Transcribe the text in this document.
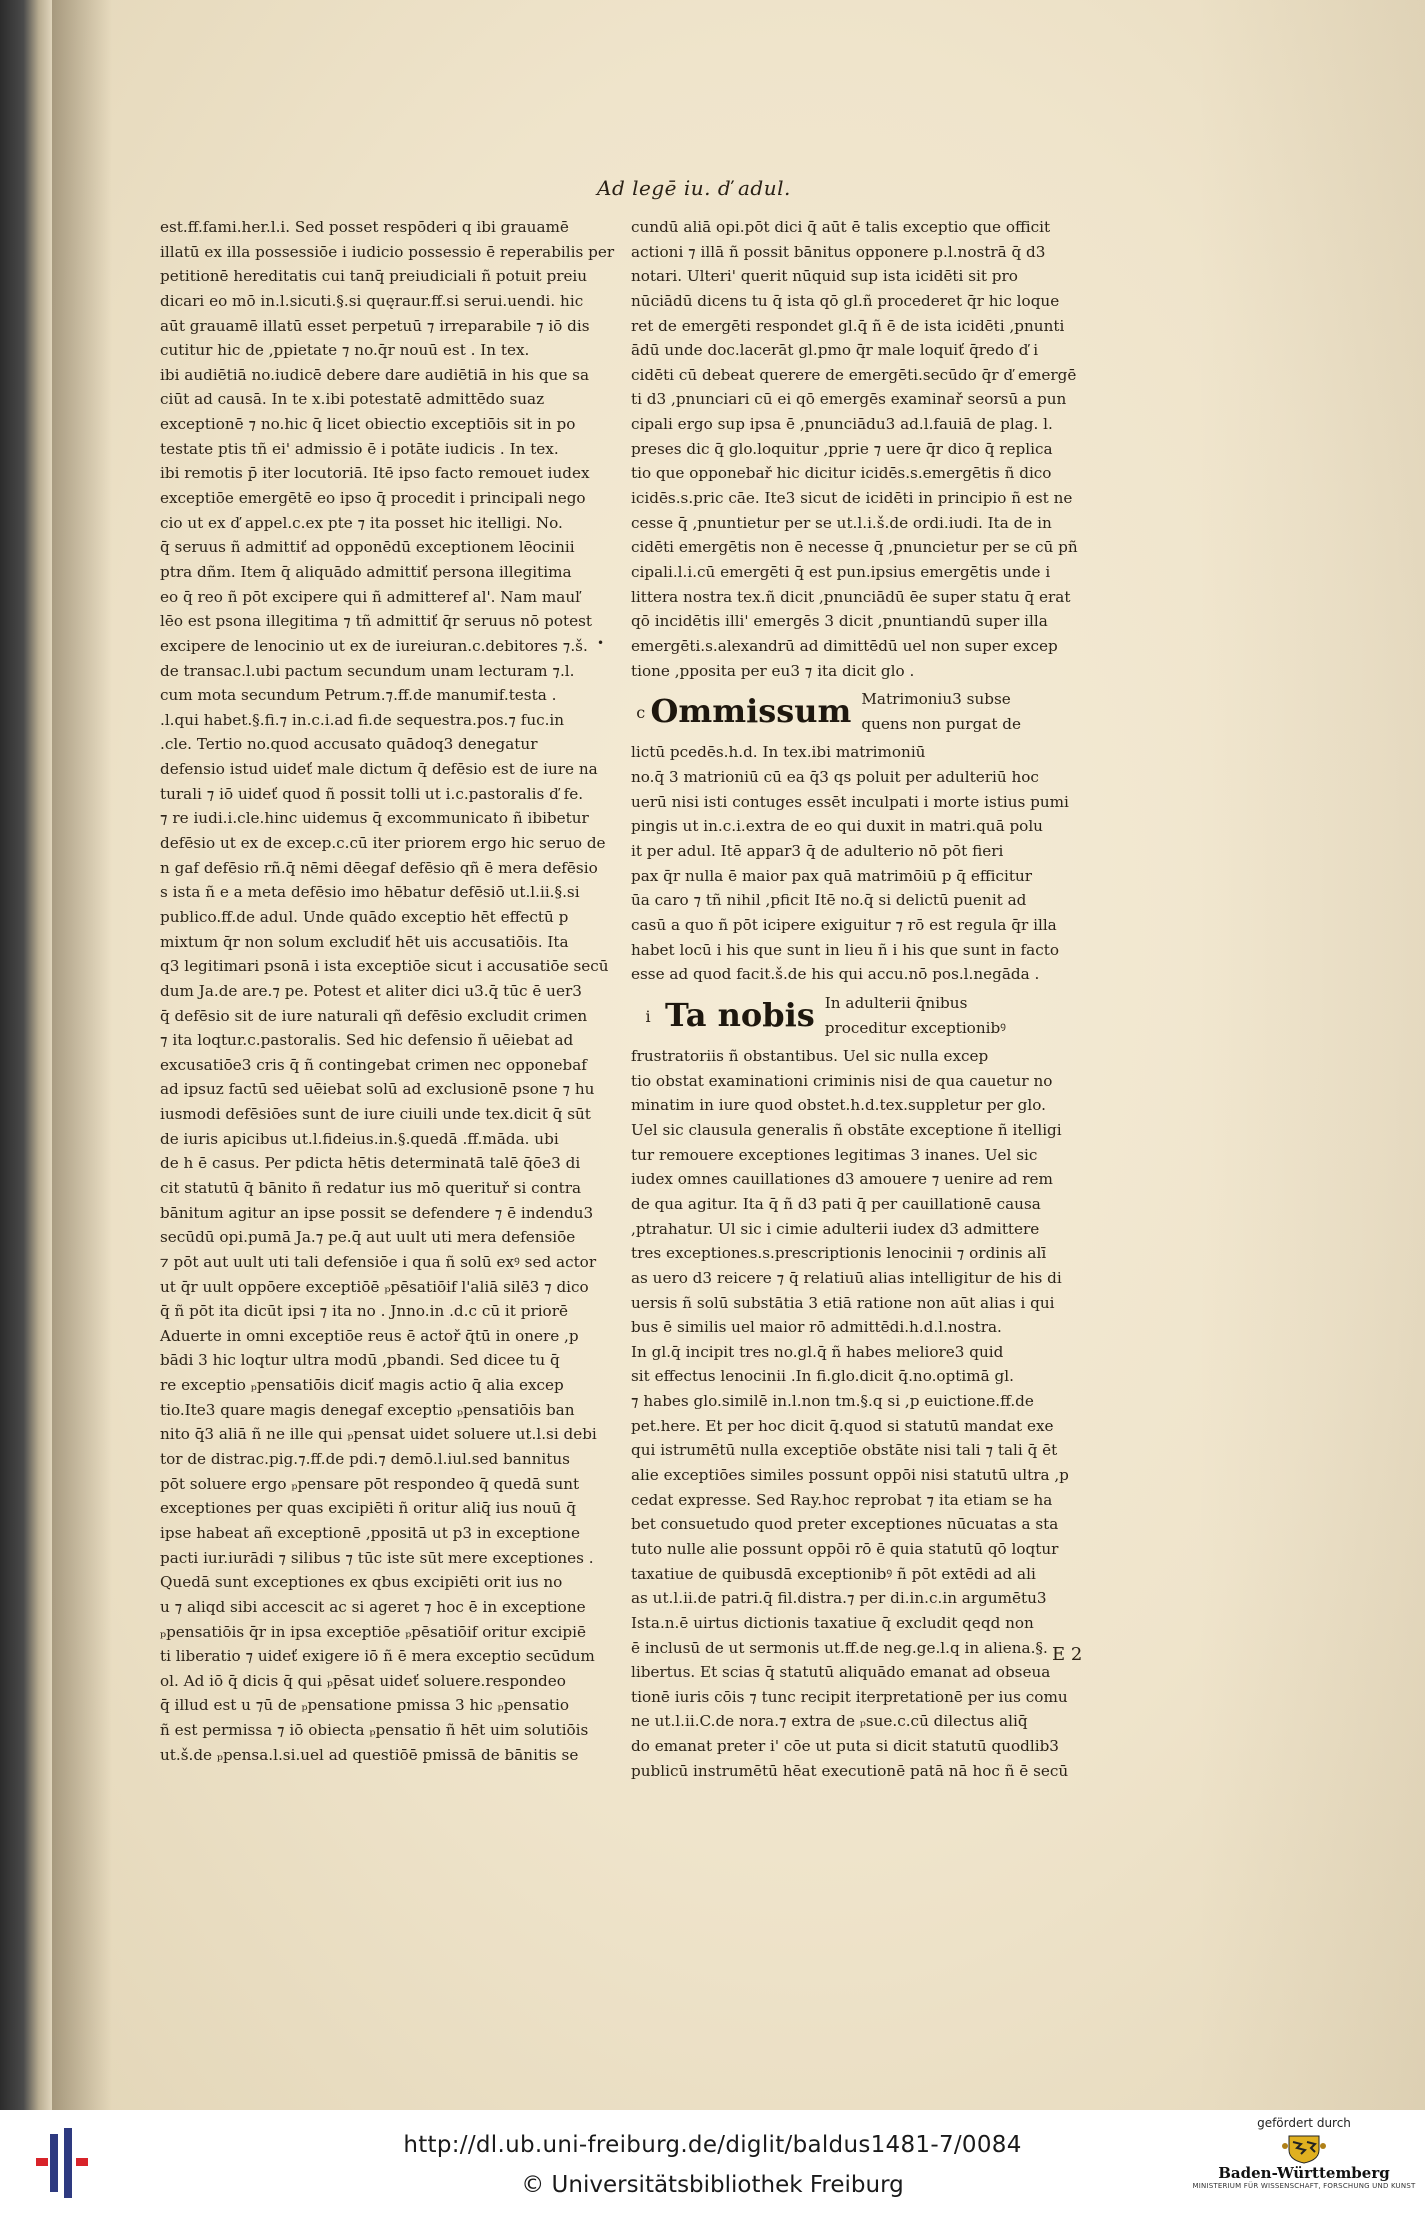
Ad legē iu. ď adul.
est.ff.fami.her.l.i. Sed posset respōderi q ibi grauamē
illatū ex illa possessiōe i iudicio possessio ē reperabilis per
petitionē hereditatis cui tanq̄ preiudiciali ñ potuit preiu
dicari eo mō in.l.sicuti.§.si quęraur.ff.si serui.uendi. hic
aūt grauamē illatū esset perpetuū ⁊ irreparabile ⁊ iō dis
cutitur hic de ,ppietate ⁊ no.q̄r nouū est . In tex.
ibi audiētiā no.iudicē debere dare audiētiā in his que sa
ciūt ad causā. In te x.ibi potestatē admittēdo suaz
exceptionē ⁊ no.hic q̄ licet obiectio exceptiōis sit in po
testate ptis tñ ei' admissio ē i potāte iudicis . In tex.
ibi remotis p̄ iter locutoriā. Itē ipso facto remouet iudex
exceptiōe emergētē eo ipso q̄ procedit i principali nego
cio ut ex ď appel.c.ex pte ⁊ ita posset hic itelligi. No.
q̄ seruus ñ admittiť ad opponēdū exceptionem lēocinii
ptra dñm. Item q̄ aliquādo admittiť persona illegitima
eo q̄ reo ñ pōt excipere qui ñ admitteref al'. Nam mauľ
lēo est psona illegitima ⁊ tñ admittiť q̄r seruus nō potest
excipere de lenocinio ut ex de iureiuran.c.debitores ⁊.š.
de transac.l.ubi pactum secundum unam lecturam ⁊.l.
cum mota secundum Petrum.⁊.ff.de manumif.testa .
.l.qui habet.§.fi.⁊ in.c.i.ad fi.de sequestra.pos.⁊ fuc.in
.cle. Tertio no.quod accusato quādoq3 denegatur
defensio istud uideť male dictum q̄ defēsio est de iure na
turali ⁊ iō uideť quod ñ possit tolli ut i.c.pastoralis ď fe.
⁊ re iudi.i.cle.hinc uidemus q̄ excommunicato ñ ibibetur
defēsio ut ex de excep.c.cū iter priorem ergo hic seruo de
n gaf defēsio rñ.q̄ nēmi dēegaf defēsio qñ ē mera defēsio
s ista ñ e a meta defēsio imo hēbatur defēsiō ut.l.ii.§.si
publico.ff.de adul. Unde quādo exceptio hēt effectū p
mixtum q̄r non solum excludiť hēt uis accusatiōis. Ita
q3 legitimari psonā i ista exceptiōe sicut i accusatiōe secū
dum Ja.de are.⁊ pe. Potest et aliter dici u3.q̄ tūc ē uer3
q̄ defēsio sit de iure naturali qñ defēsio excludit crimen
⁊ ita loqtur.c.pastoralis. Sed hic defensio ñ uēiebat ad
excusatiōe3 cris q̄ ñ contingebat crimen nec opponebaf
ad ipsuz factū sed uēiebat solū ad exclusionē psone ⁊ hu
iusmodi defēsiōes sunt de iure ciuili unde tex.dicit q̄ sūt
de iuris apicibus ut.l.fideius.in.§.quedā .ff.māda. ubi
de h ē casus. Per pdicta hētis determinatā talē q̄ōe3 di
cit statutū q̄ bānito ñ redatur ius mō querituř si contra
bānitum agitur an ipse possit se defendere ⁊ ē indendu3
secūdū opi.pumā Ja.⁊ pe.q̄ aut uult uti mera defensiōe
⁊ pōt aut uult uti tali defensiōe i qua ñ solū exꝰ sed actor
ut q̄r uult oppōere exceptiōē ₚpēsatiōif l'aliā silē3 ⁊ dico
q̄ ñ pōt ita dicūt ipsi ⁊ ita no . Jnno.in .d.c cū it priorē
Aduerte in omni exceptiōe reus ē actoř q̄tū in onere ,p
bādi 3 hic loqtur ultra modū ,pbandi. Sed dicee tu q̄
re exceptio ₚpensatiōis diciť magis actio q̄ alia excep
tio.Ite3 quare magis denegaf exceptio ₚpensatiōis ban
nito q̄3 aliā ñ ne ille qui ₚpensat uidet soluere ut.l.si debi
tor de distrac.pig.⁊.ff.de pdi.⁊ demō.l.iul.sed bannitus
pōt soluere ergo ₚpensare pōt respondeo q̄ quedā sunt
exceptiones per quas excipiēti ñ oritur aliq̄ ius nouū q̄
ipse habeat añ exceptionē ,ppositā ut p3 in exceptione
pacti iur.iurādi ⁊ silibus ⁊ tūc iste sūt mere exceptiones .
Quedā sunt exceptiones ex qbus excipiēti orit ius no
u ⁊ aliqd sibi accescit ac si ageret ⁊ hoc ē in exceptione
ₚpensatiōis q̄r in ipsa exceptiōe ₚpēsatiōif oritur excipiē
ti liberatio ⁊ uideť exigere iō ñ ē mera exceptio secūdum
ol. Ad iō q̄ dicis q̄ qui ₚpēsat uideť soluere.respondeo
q̄ illud est u ⁊ū de ₚpensatione pmissa 3 hic ₚpensatio
ñ est permissa ⁊ iō obiecta ₚpensatio ñ hēt uim solutiōis
ut.š.de ₚpensa.l.si.uel ad questiōē pmissā de bānitis se
•
cundū aliā opi.pōt dici q̄ aūt ē talis exceptio que officit
actioni ⁊ illā ñ possit bānitus opponere p.l.nostrā q̄ d3
notari. Ulteri' querit nūquid sup ista icidēti sit pro
nūciādū dicens tu q̄ ista qō gl.ñ procederet q̄r hic loque
ret de emergēti respondet gl.q̄ ñ ē de ista icidēti ,pnunti
ādū unde doc.lacerāt gl.pmo q̄r male loquiť q̄redo ď i
cidēti cū debeat querere de emergēti.secūdo q̄r ď emergē
ti d3 ,pnunciari cū ei qō emergēs examinař seorsū a pun
cipali ergo sup ipsa ē ,pnunciādu3 ad.l.fauiā de plag. l.
preses dic q̄ glo.loquitur ,pprie ⁊ uere q̄r dico q̄ replica
tio que opponebař hic dicitur icidēs.s.emergētis ñ dico
icidēs.s.pric cāe. Ite3 sicut de icidēti in principio ñ est ne
cesse q̄ ,pnuntietur per se ut.l.i.š.de ordi.iudi. Ita de in
cidēti emergētis non ē necesse q̄ ,pnuncietur per se cū pñ
cipali.l.i.cū emergēti q̄ est pun.ipsius emergētis unde i
littera nostra tex.ñ dicit ,pnunciādū ēe super statu q̄ erat
qō incidētis illi' emergēs 3 dicit ,pnuntiandū super illa
emergēti.s.alexandrū ad dimittēdū uel non super excep
tione ,pposita per eu3 ⁊ ita dicit glo .
c Ommissum Matrimoniu3 subse
quens non purgat de
lictū pcedēs.h.d. In tex.ibi matrimoniū
no.q̄ 3 matrioniū cū ea q̄3 qs poluit per adulteriū hoc
uerū nisi isti contuges essēt inculpati i morte istius pumi
pingis ut in.c.i.extra de eo qui duxit in matri.quā polu
it per adul. Itē appar3 q̄ de adulterio nō pōt fieri
pax q̄r nulla ē maior pax quā matrimōiū p q̄ efficitur
ūa caro ⁊ tñ nihil ,pficit Itē no.q̄ si delictū puenit ad
casū a quo ñ pōt icipere exiguitur ⁊ rō est regula q̄r illa
habet locū i his que sunt in lieu ñ i his que sunt in facto
esse ad quod facit.š.de his qui accu.nō pos.l.negāda .
i Ta nobis In adulterii q̄nibus
proceditur exceptionibꝰ
frustratoriis ñ obstantibus. Uel sic nulla excep
tio obstat examinationi criminis nisi de qua cauetur no
minatim in iure quod obstet.h.d.tex.suppletur per glo.
Uel sic clausula generalis ñ obstāte exceptione ñ itelligi
tur remouere exceptiones legitimas 3 inanes. Uel sic
iudex omnes cauillationes d3 amouere ⁊ uenire ad rem
de qua agitur. Ita q̄ ñ d3 pati q̄ per cauillationē causa
,ptrahatur. Ul sic i cimie adulterii iudex d3 admittere
tres exceptiones.s.prescriptionis lenocinii ⁊ ordinis alī
as uero d3 reicere ⁊ q̄ relatiuū alias intelligitur de his di
uersis ñ solū substātia 3 etiā ratione non aūt alias i qui
bus ē similis uel maior rō admittēdi.h.d.l.nostra.
In gl.q̄ incipit tres no.gl.q̄ ñ habes meliore3 quid
sit effectus lenocinii .In fi.glo.dicit q̄.no.optimā gl.
⁊ habes glo.similē in.l.non tm.§.q si ,p euictione.ff.de
pet.here. Et per hoc dicit q̄.quod si statutū mandat exe
qui istrumētū nulla exceptiōe obstāte nisi tali ⁊ tali q̄ ēt
alie exceptiōes similes possunt oppōi nisi statutū ultra ,p
cedat expresse. Sed Ray.hoc reprobat ⁊ ita etiam se ha
bet consuetudo quod preter exceptiones nūcuatas a sta
tuto nulle alie possunt oppōi rō ē quia statutū qō loqtur
taxatiue de quibusdā exceptionibꝰ ñ pōt extēdi ad ali
as ut.l.ii.de patri.q̄ fil.distra.⁊ per di.in.c.in argumētu3
Ista.n.ē uirtus dictionis taxatiue q̄ excludit qeqd non
ē inclusū de ut sermonis ut.ff.de neg.ge.l.q in aliena.§.
libertus. Et scias q̄ statutū aliquādo emanat ad obseua
tionē iuris cōis ⁊ tunc recipit iterpretationē per ius comu
ne ut.l.ii.C.de nora.⁊ extra de ₚsue.c.cū dilectus aliq̄
do emanat preter i' cōe ut puta si dicit statutū quodlib3
publicū instrumētū hēat executionē patā nā hoc ñ ē secū
E 2
http://dl.ub.uni-freiburg.de/diglit/baldus1481-7/0084
© Universitätsbibliothek Freiburg
gefördert durch
Baden-Württemberg
MINISTERIUM FÜR WISSENSCHAFT, FORSCHUNG UND KUNST
